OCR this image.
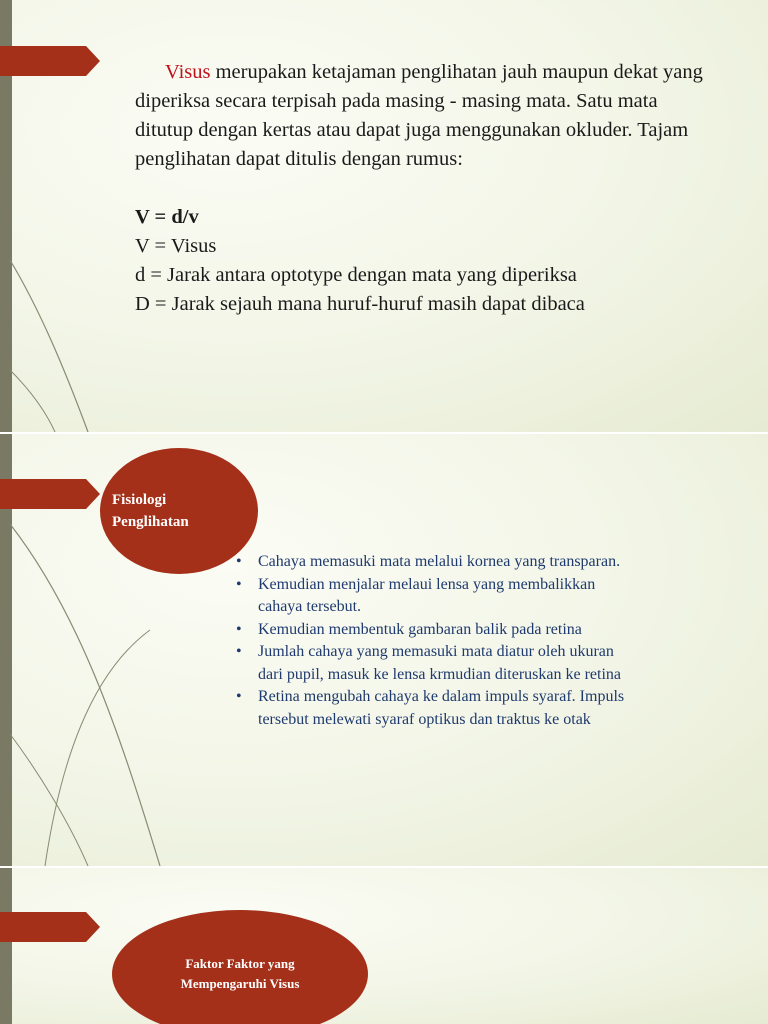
Visus merupakan ketajaman penglihatan jauh maupun dekat yang diperiksa secara terpisah pada masing - masing mata. Satu mata ditutup dengan kertas atau dapat juga menggunakan okluder. Tajam penglihatan dapat ditulis dengan rumus:

V = d/v
V = Visus
d = Jarak antara optotype dengan mata yang diperiksa
D = Jarak sejauh mana huruf-huruf masih dapat dibaca
Fisiologi
Penglihatan
• Cahaya memasuki mata melalui kornea yang transparan.
• Kemudian menjalar melaui lensa yang membalikkan cahaya tersebut.
• Kemudian membentuk gambaran balik pada retina
• Jumlah cahaya yang memasuki mata diatur oleh ukuran dari pupil, masuk ke lensa krmudian diteruskan ke retina
• Retina mengubah cahaya ke dalam impuls syaraf. Impuls tersebut melewati syaraf optikus dan traktus ke otak
Faktor Faktor yang
Mempengaruhi Visus
